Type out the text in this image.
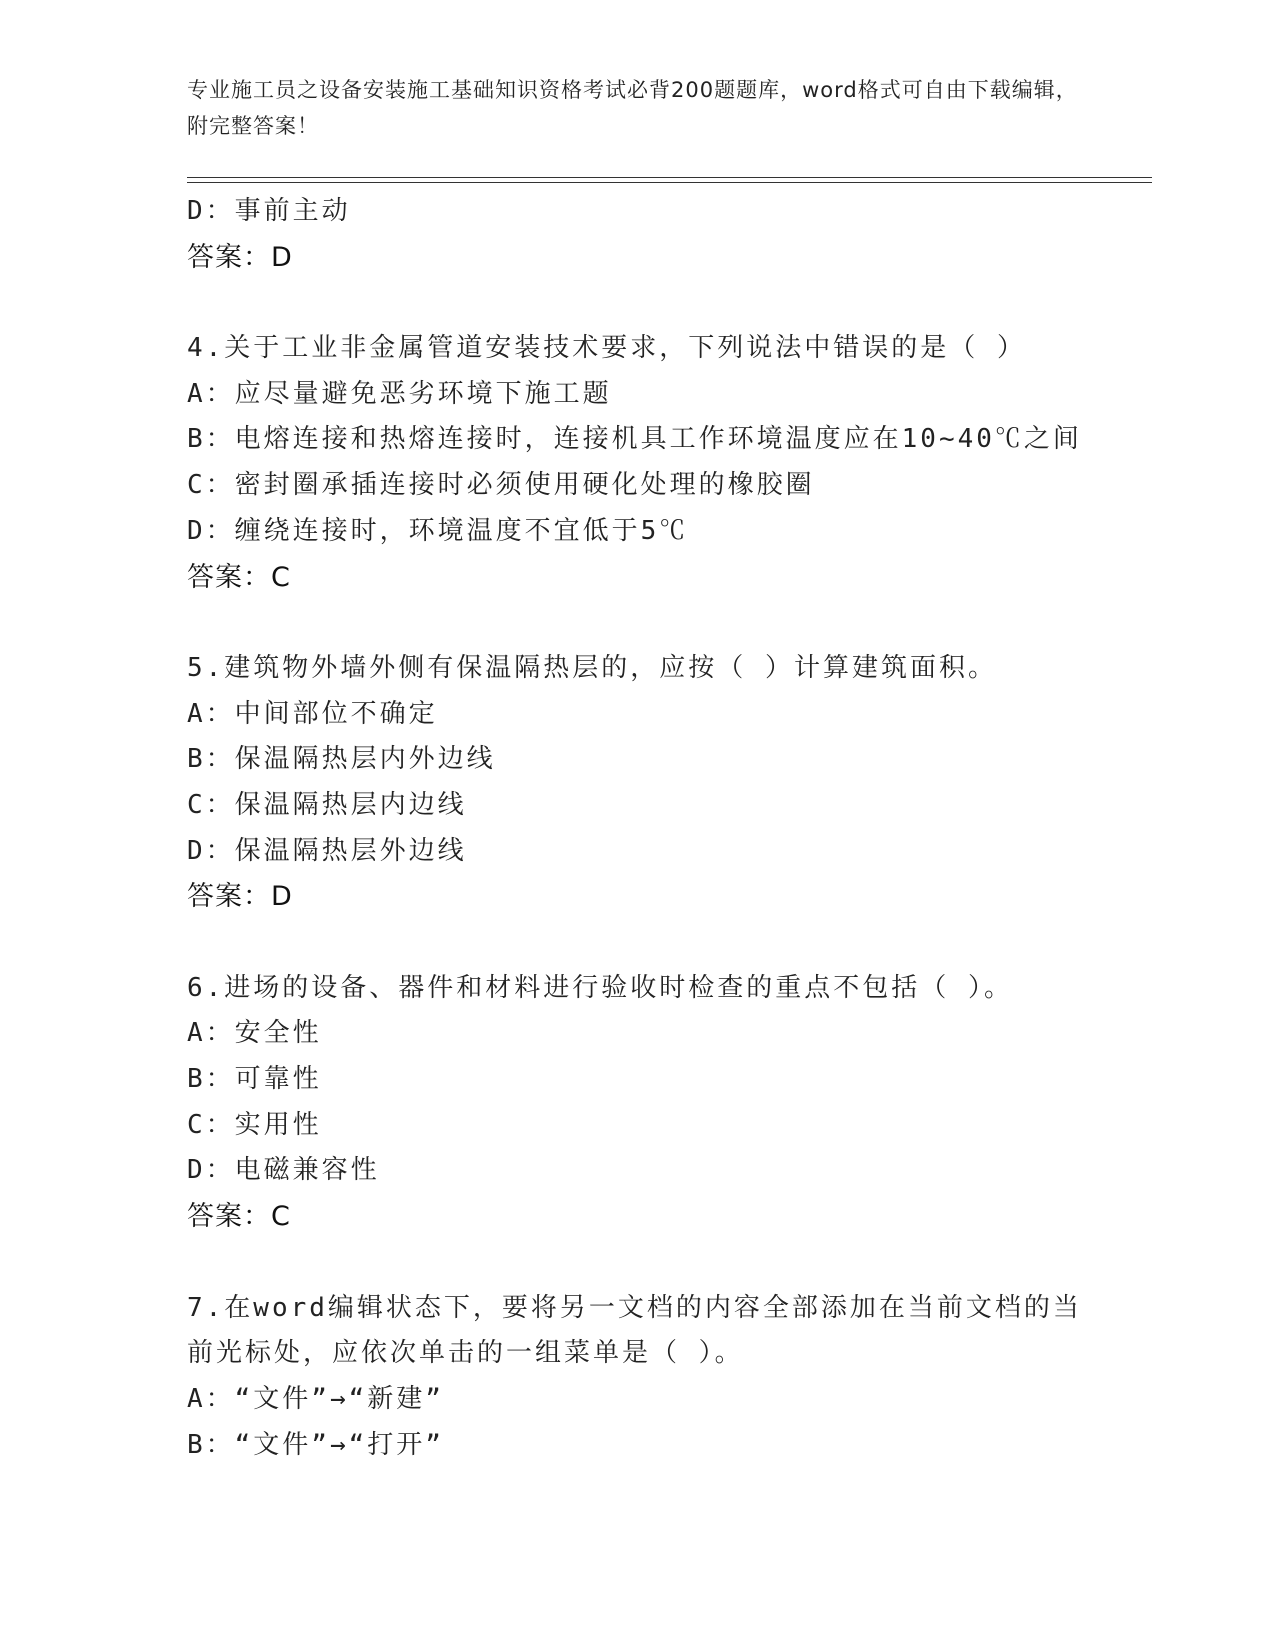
专业施工员之设备安装施工基础知识资格考试必背200题题库，word格式可自由下载编辑，附完整答案！
D：事前主动
答案：D
4.关于工业非金属管道安装技术要求，下列说法中错误的是（ ）
A：应尽量避免恶劣环境下施工题
B：电熔连接和热熔连接时，连接机具工作环境温度应在10~40℃之间
C：密封圈承插连接时必须使用硬化处理的橡胶圈
D：缠绕连接时，环境温度不宜低于5℃
答案：C
5.建筑物外墙外侧有保温隔热层的，应按（ ）计算建筑面积。
A：中间部位不确定
B：保温隔热层内外边线
C：保温隔热层内边线
D：保温隔热层外边线
答案：D
6.进场的设备、器件和材料进行验收时检查的重点不包括（ ）。
A：安全性
B：可靠性
C：实用性
D：电磁兼容性
答案：C
7.在word编辑状态下，要将另一文档的内容全部添加在当前文档的当
前光标处，应依次单击的一组菜单是（ ）。
A：“文件”→“新建”
B：“文件”→“打开”
